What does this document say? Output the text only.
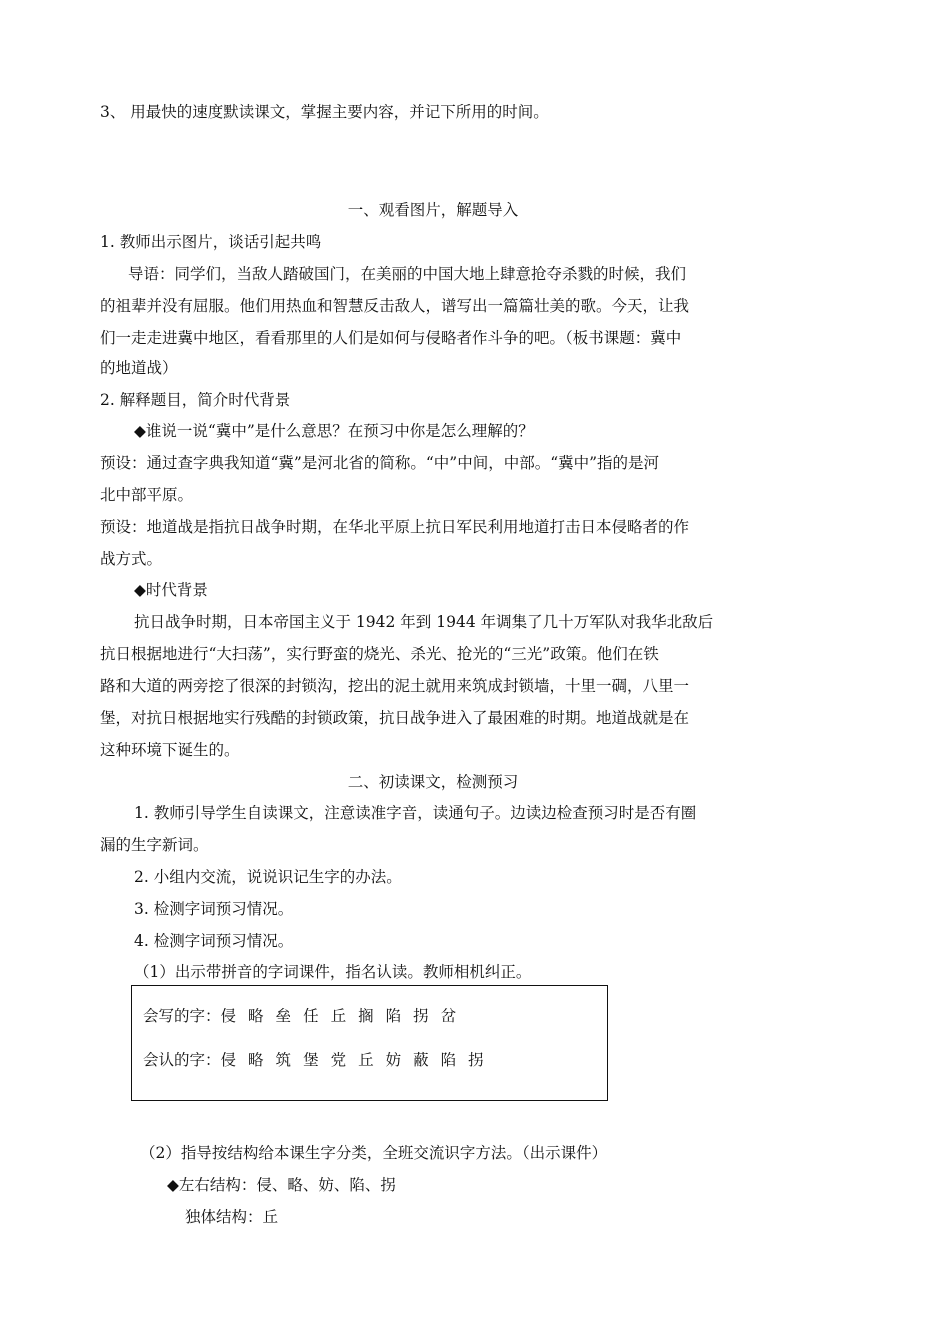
3、 用最快的速度默读课文，掌握主要内容，并记下所用的时间。
一、观看图片，解题导入
1. 教师出示图片，谈话引起共鸣
导语：同学们，当敌人踏破国门，在美丽的中国大地上肆意抢夺杀戮的时候，我们
的祖辈并没有屈服。他们用热血和智慧反击敌人，谱写出一篇篇壮美的歌。今天，让我
们一走走进冀中地区，看看那里的人们是如何与侵略者作斗争的吧。（板书课题：冀中
的地道战）
2. 解释题目，简介时代背景
◆谁说一说“冀中”是什么意思？在预习中你是怎么理解的？
预设：通过查字典我知道“冀”是河北省的简称。“中”中间，中部。“冀中”指的是河
北中部平原。
预设：地道战是指抗日战争时期，在华北平原上抗日军民利用地道打击日本侵略者的作
战方式。
◆时代背景
抗日战争时期，日本帝国主义于 1942 年到 1944 年调集了几十万军队对我华北敌后
抗日根据地进行“大扫荡”，实行野蛮的烧光、杀光、抢光的“三光”政策。他们在铁
路和大道的两旁挖了很深的封锁沟，挖出的泥土就用来筑成封锁墙，十里一碉，八里一
堡，对抗日根据地实行残酷的封锁政策，抗日战争进入了最困难的时期。地道战就是在
这种环境下诞生的。
二、初读课文，检测预习
1. 教师引导学生自读课文，注意读准字音，读通句子。边读边检查预习时是否有圈
漏的生字新词。
2. 小组内交流，说说识记生字的办法。
3. 检测字词预习情况。
4. 检测字词预习情况。
（1）出示带拼音的字词课件，指名认读。教师相机纠正。
会写的字：侵 略 垒 任 丘 搁 陷 拐 岔
会认的字：侵 略 筑 堡 党 丘 妨 蔽 陷 拐
（2）指导按结构给本课生字分类，全班交流识字方法。（出示课件）
◆左右结构：侵、略、妨、陷、拐
独体结构：丘
